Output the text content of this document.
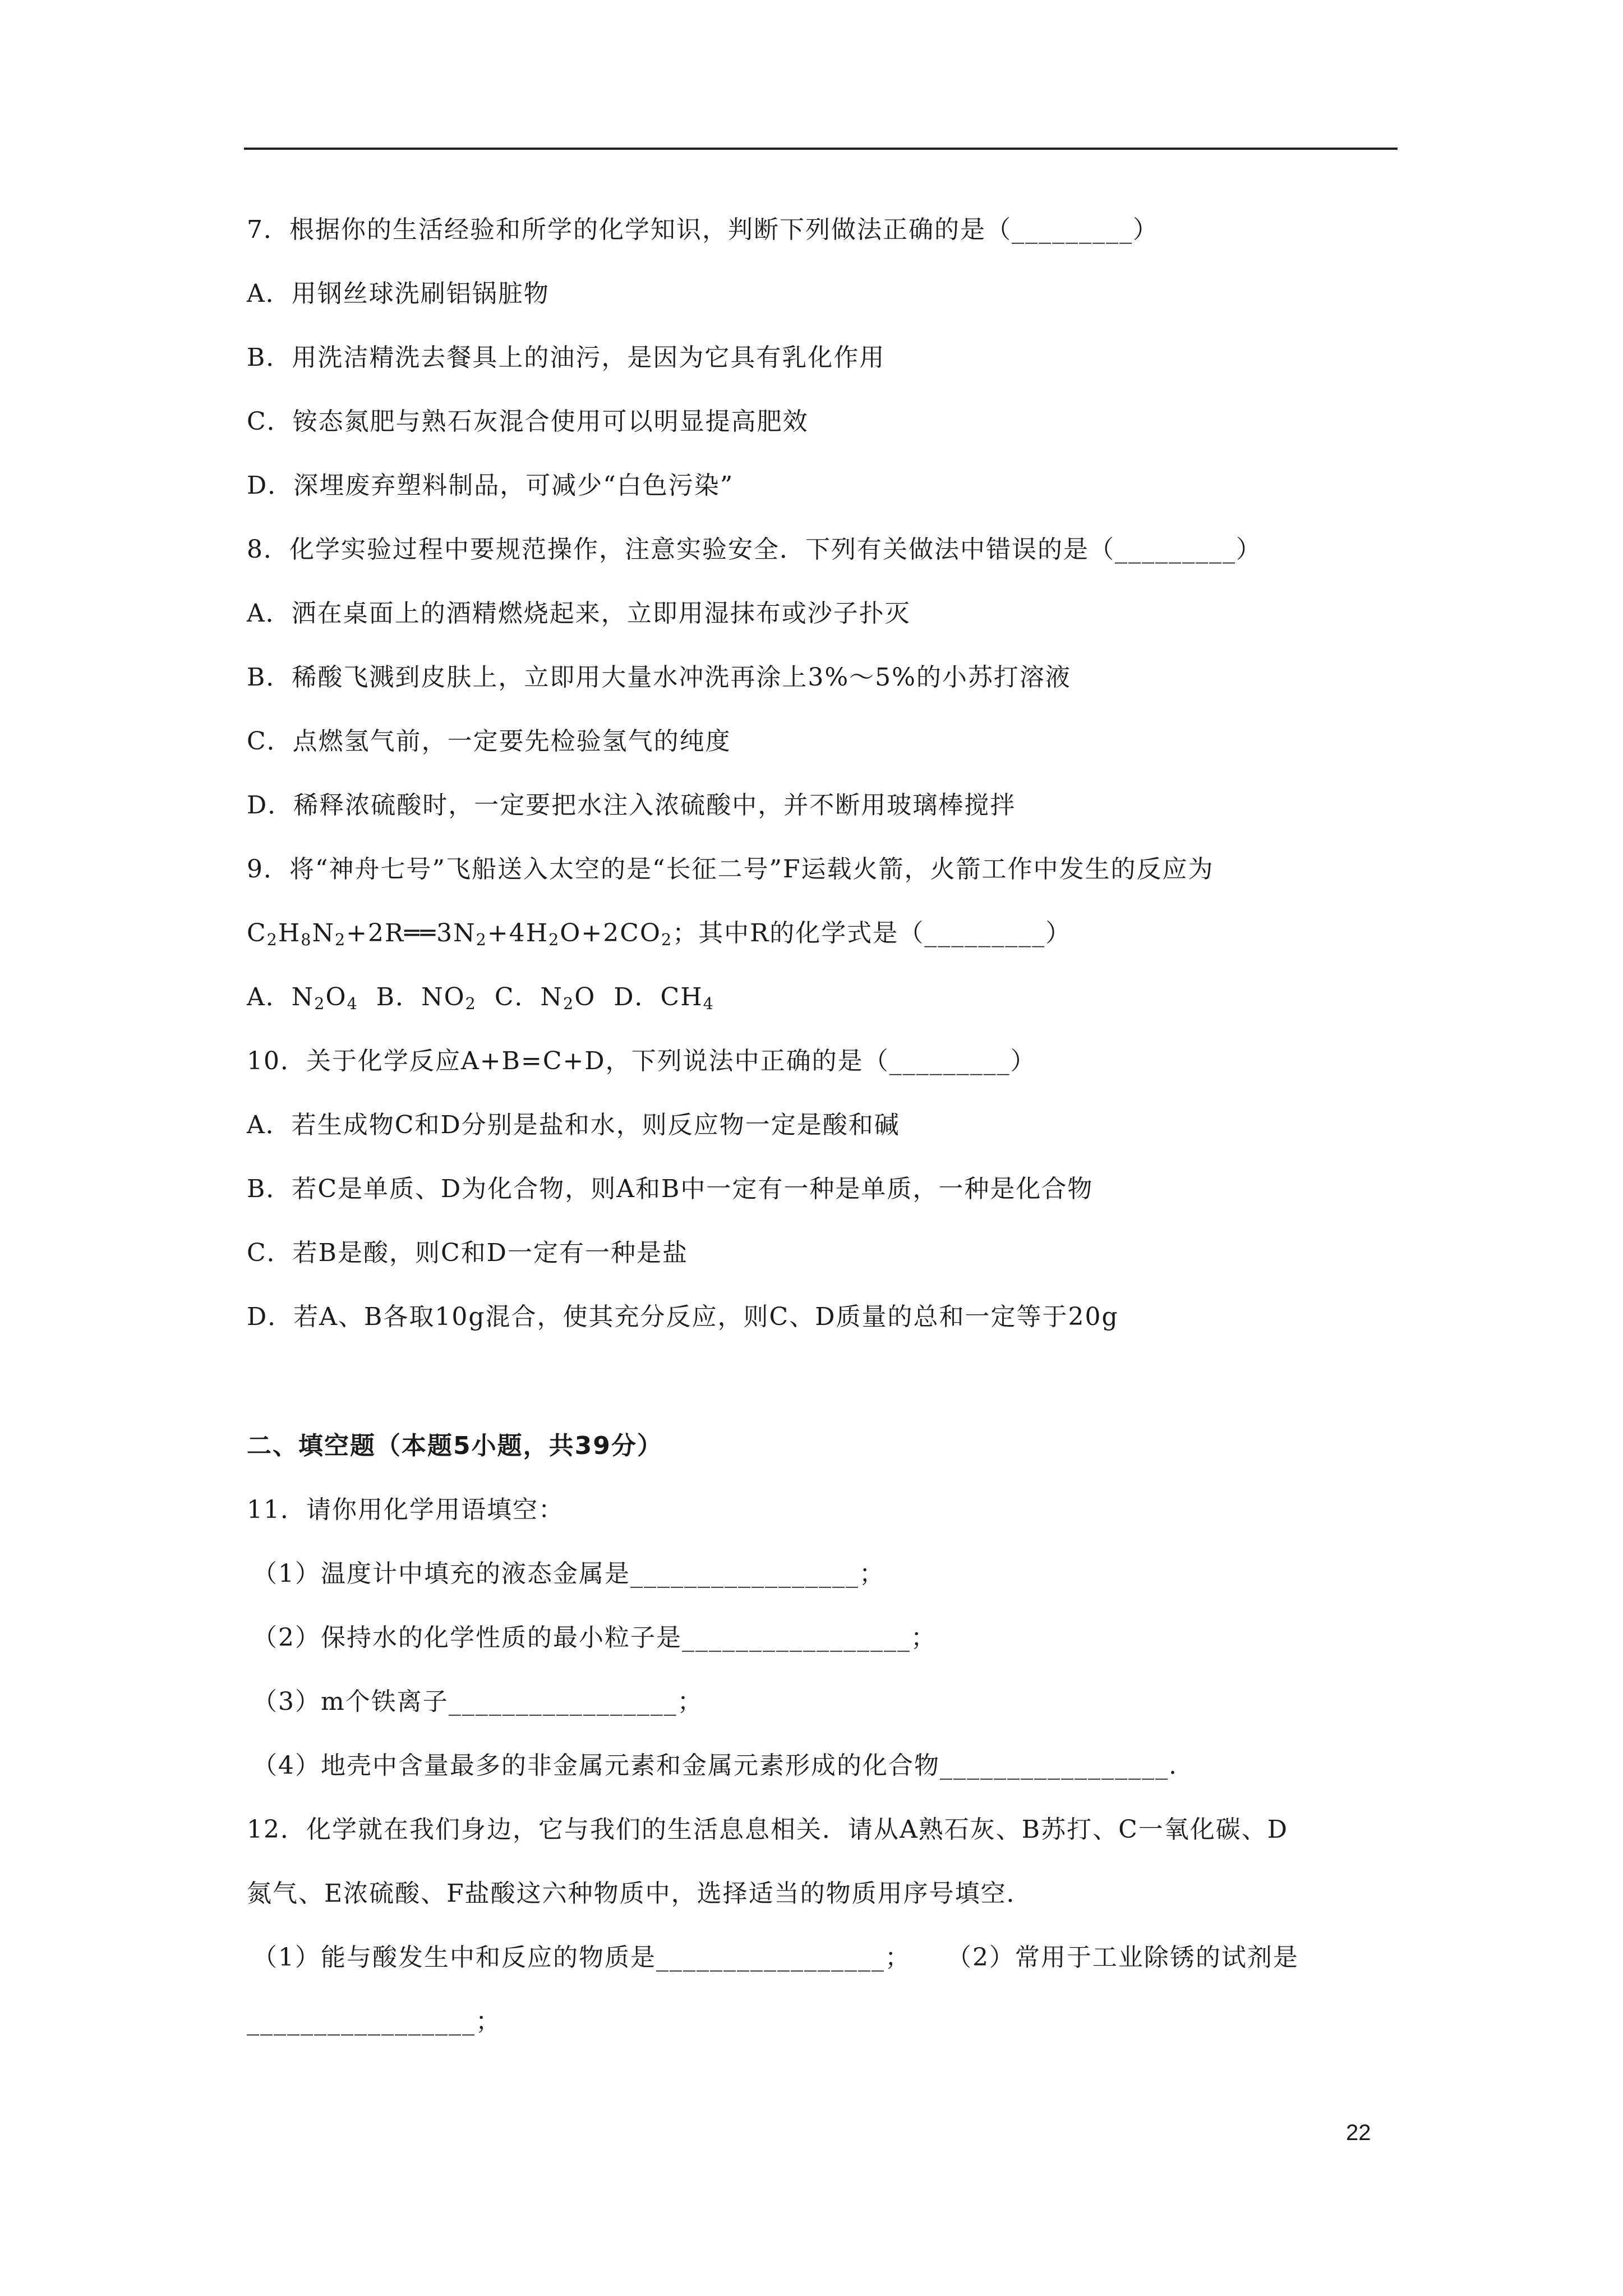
7．根据你的生活经验和所学的化学知识，判断下列做法正确的是（_________）
A．用钢丝球洗刷铝锅脏物
B．用洗洁精洗去餐具上的油污，是因为它具有乳化作用
C．铵态氮肥与熟石灰混合使用可以明显提高肥效
D．深埋废弃塑料制品，可减少“白色污染”
8．化学实验过程中要规范操作，注意实验安全．下列有关做法中错误的是（_________）
A．洒在桌面上的酒精燃烧起来，立即用湿抹布或沙子扑灭
B．稀酸飞溅到皮肤上，立即用大量水冲洗再涂上3%～5%的小苏打溶液
C．点燃氢气前，一定要先检验氢气的纯度
D．稀释浓硫酸时，一定要把水注入浓硫酸中，并不断用玻璃棒搅拌
9．将“神舟七号”飞船送入太空的是“长征二号”F运载火箭，火箭工作中发生的反应为
$C_2H_8N_2+2R══3N_2+4H_2O+2CO_2$；其中R的化学式是（_________）
A．$N_2O_4$  B．$NO_2$  C．$N_2O$  D．$CH_4$
10．关于化学反应A+B=C+D，下列说法中正确的是（_________）
A．若生成物C和D分别是盐和水，则反应物一定是酸和碱
B．若C是单质、D为化合物，则A和B中一定有一种是单质，一种是化合物
C．若B是酸，则C和D一定有一种是盐
D．若A、B各取10g混合，使其充分反应，则C、D质量的总和一定等于20g
二、填空题（本题5小题，共39分）
11．请你用化学用语填空：
（1）温度计中填充的液态金属是_________________；
（2）保持水的化学性质的最小粒子是_________________；
（3）m个铁离子_________________；
（4）地壳中含量最多的非金属元素和金属元素形成的化合物_________________.
12．化学就在我们身边，它与我们的生活息息相关．请从A熟石灰、B苏打、C一氧化碳、D
氮气、E浓硫酸、F盐酸这六种物质中，选择适当的物质用序号填空．
（1）能与酸发生中和反应的物质是_________________；    （2）常用于工业除锈的试剂是
_________________；
22
